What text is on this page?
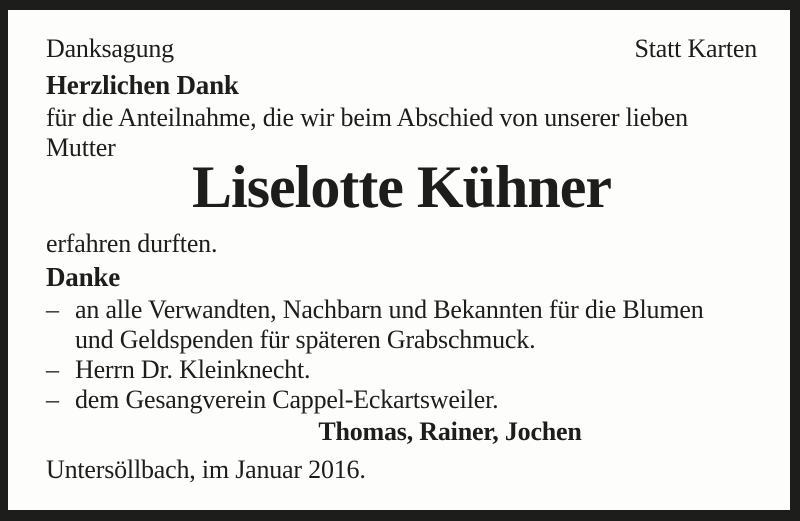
Danksagung	Statt Karten
Herzlichen Dank
für die Anteilnahme, die wir beim Abschied von unserer lieben
Mutter
Liselotte Kühner
erfahren durften.
Danke
– an alle Verwandten, Nachbarn und Bekannten für die Blumen
und Geldspenden für späteren Grabschmuck.
– Herrn Dr. Kleinknecht.
– dem Gesangverein Cappel-Eckartsweiler.
Thomas, Rainer, Jochen
Untersöllbach, im Januar 2016.
